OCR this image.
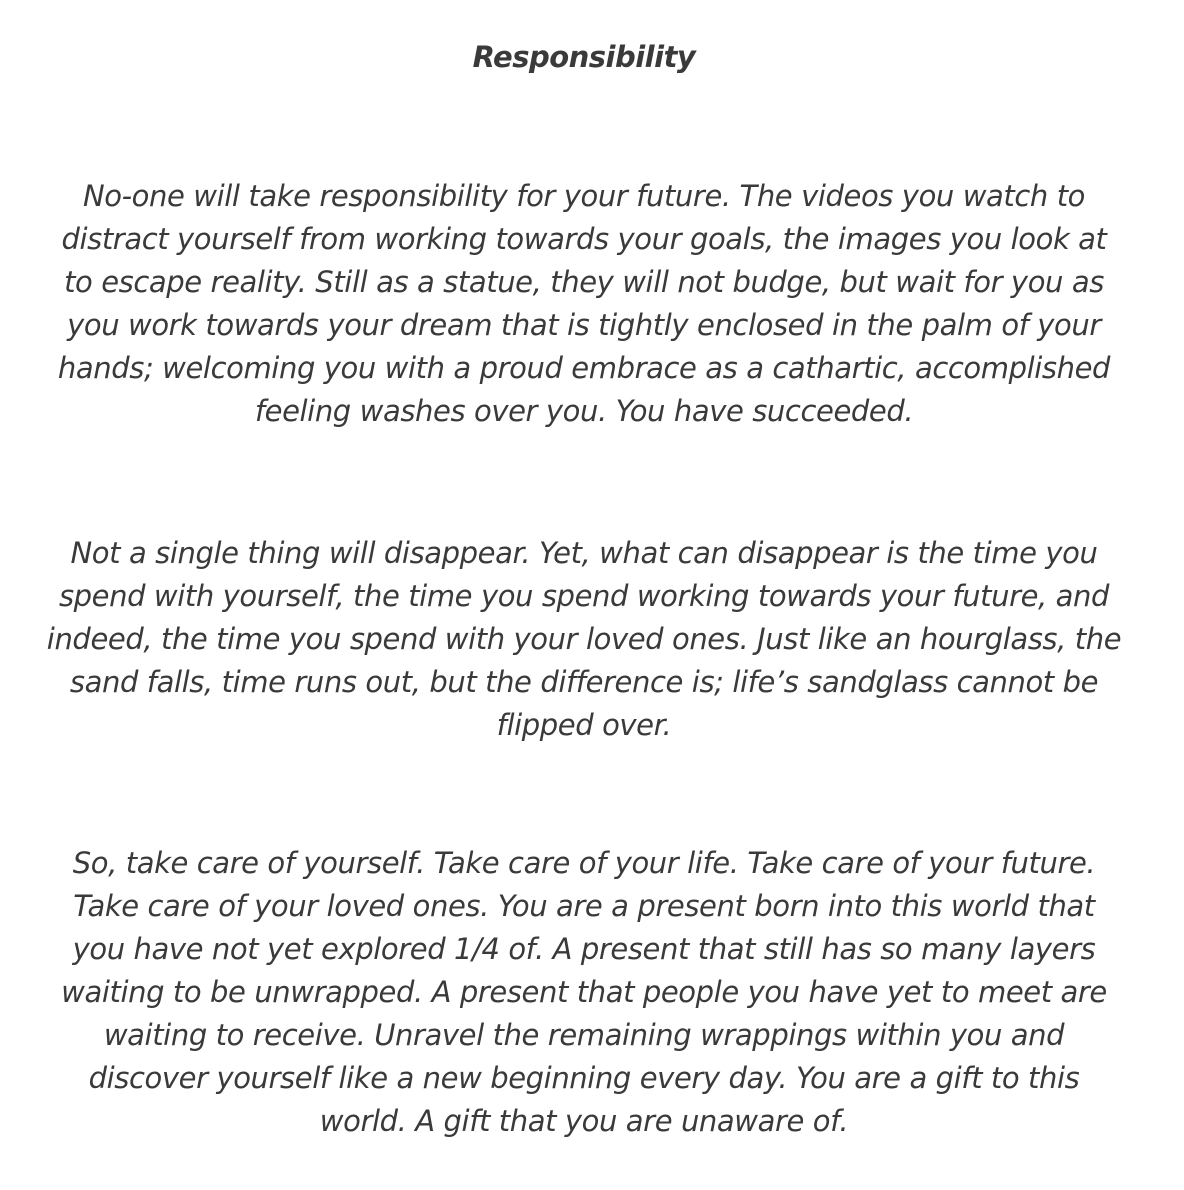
Responsibility
No-one will take responsibility for your future. The videos you watch to
distract yourself from working towards your goals, the images you look at
to escape reality. Still as a statue, they will not budge, but wait for you as
you work towards your dream that is tightly enclosed in the palm of your
hands; welcoming you with a proud embrace as a cathartic, accomplished
feeling washes over you. You have succeeded.
Not a single thing will disappear. Yet, what can disappear is the time you
spend with yourself, the time you spend working towards your future, and
indeed, the time you spend with your loved ones. Just like an hourglass, the
sand falls, time runs out, but the difference is; life’s sandglass cannot be
flipped over.
So, take care of yourself. Take care of your life. Take care of your future.
Take care of your loved ones. You are a present born into this world that
you have not yet explored 1/4 of. A present that still has so many layers
waiting to be unwrapped. A present that people you have yet to meet are
waiting to receive. Unravel the remaining wrappings within you and
discover yourself like a new beginning every day. You are a gift to this
world. A gift that you are unaware of.
